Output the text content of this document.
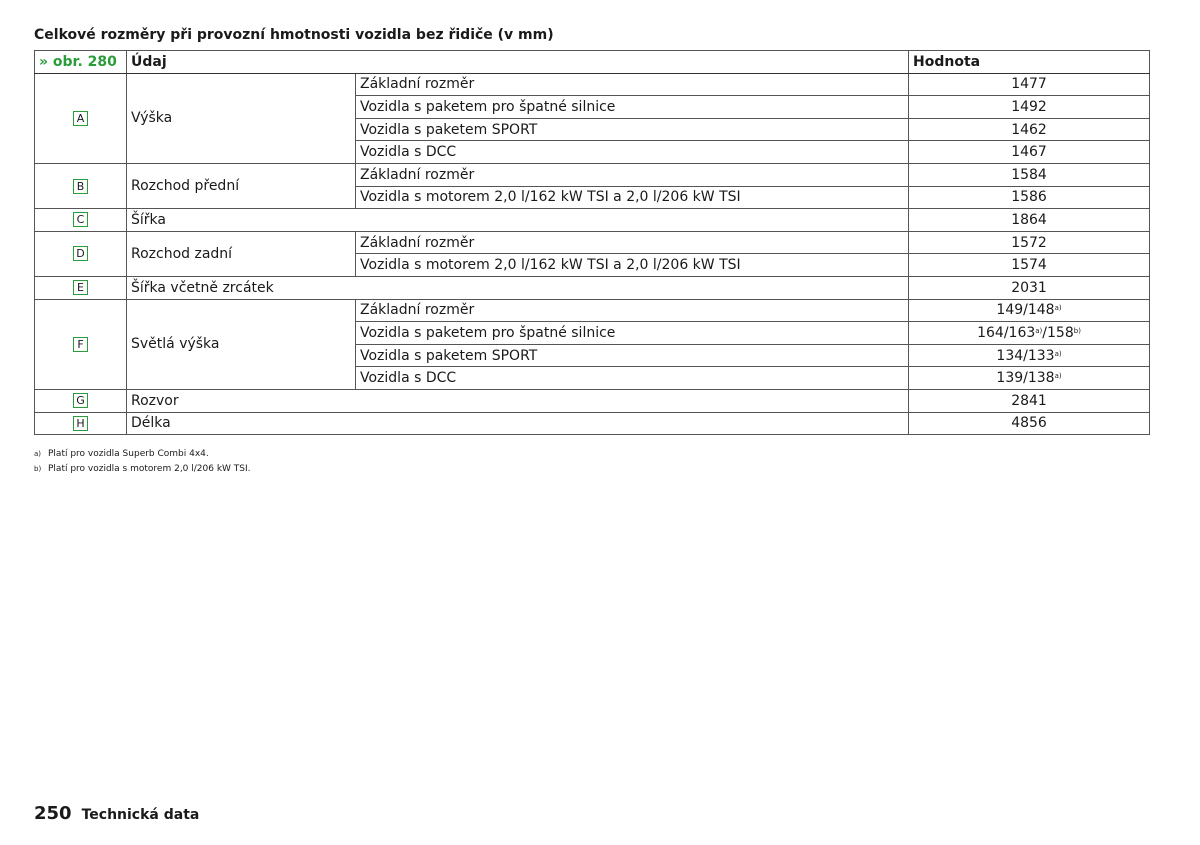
Celkové rozměry při provozní hmotnosti vozidla bez řidiče (v mm)
» obr. 280	Údaj		Hodnota
A	Výška	Základní rozměr	1477
		Vozidla s paketem pro špatné silnice	1492
		Vozidla s paketem SPORT	1462
		Vozidla s DCC	1467
B	Rozchod přední	Základní rozměr	1584
		Vozidla s motorem 2,0 l/162 kW TSI a 2,0 l/206 kW TSI	1586
C	Šířka		1864
D	Rozchod zadní	Základní rozměr	1572
		Vozidla s motorem 2,0 l/162 kW TSI a 2,0 l/206 kW TSI	1574
E	Šířka včetně zrcátek		2031
F	Světlá výška	Základní rozměr	149/148$^{a)}$
		Vozidla s paketem pro špatné silnice	164/163$^{a)}$/158$^{b)}$
		Vozidla s paketem SPORT	134/133$^{a)}$
		Vozidla s DCC	139/138$^{a)}$
G	Rozvor		2841
H	Délka		4856
a) Platí pro vozidla Superb Combi 4x4.
b) Platí pro vozidla s motorem 2,0 l/206 kW TSI.
250 Technická data
